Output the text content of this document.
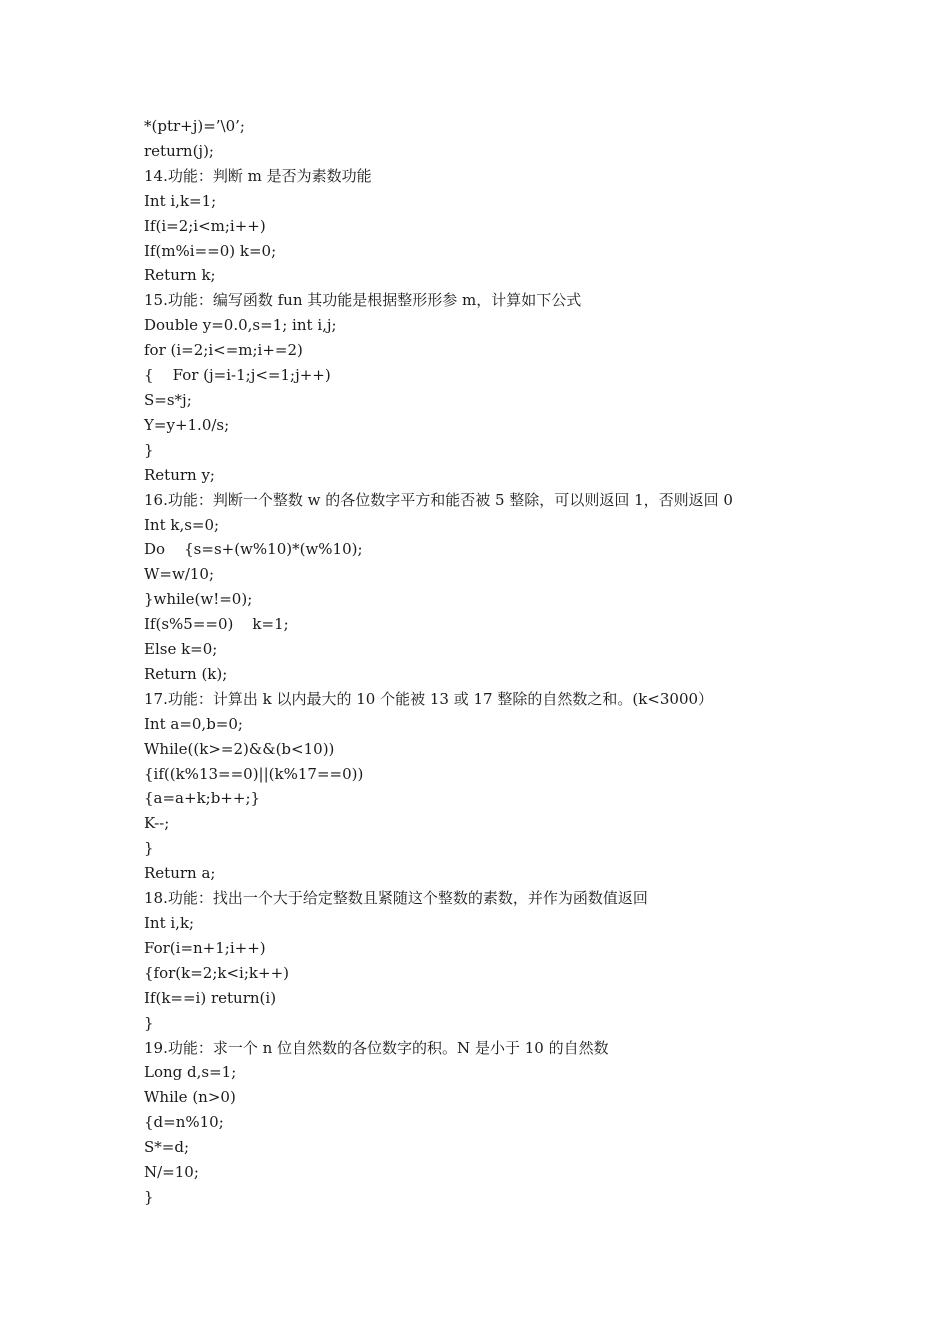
*(ptr+j)=’\0’;
return(j);
14.功能：判断 m 是否为素数功能
Int i,k=1;
If(i=2;i<m;i++)
If(m%i==0) k=0;
Return k;
15.功能：编写函数 fun 其功能是根据整形形参 m，计算如下公式
Double y=0.0,s=1; int i,j;
for (i=2;i<=m;i+=2)
{    For (j=i-1;j<=1;j++)
S=s*j;
Y=y+1.0/s;
}
Return y;
16.功能：判断一个整数 w 的各位数字平方和能否被 5 整除，可以则返回 1，否则返回 0
Int k,s=0;
Do    {s=s+(w%10)*(w%10);
W=w/10;
}while(w!=0);
If(s%5==0)    k=1;
Else k=0;
Return (k);
17.功能：计算出 k 以内最大的 10 个能被 13 或 17 整除的自然数之和。(k<3000）
Int a=0,b=0;
While((k>=2)&&(b<10))
{if((k%13==0)||(k%17==0))
{a=a+k;b++;}
K--;
}
Return a;
18.功能：找出一个大于给定整数且紧随这个整数的素数，并作为函数值返回
Int i,k;
For(i=n+1;i++)
{for(k=2;k<i;k++)
If(k==i) return(i)
}
19.功能：求一个 n 位自然数的各位数字的积。N 是小于 10 的自然数
Long d,s=1;
While (n>0)
{d=n%10;
S*=d;
N/=10;
}
